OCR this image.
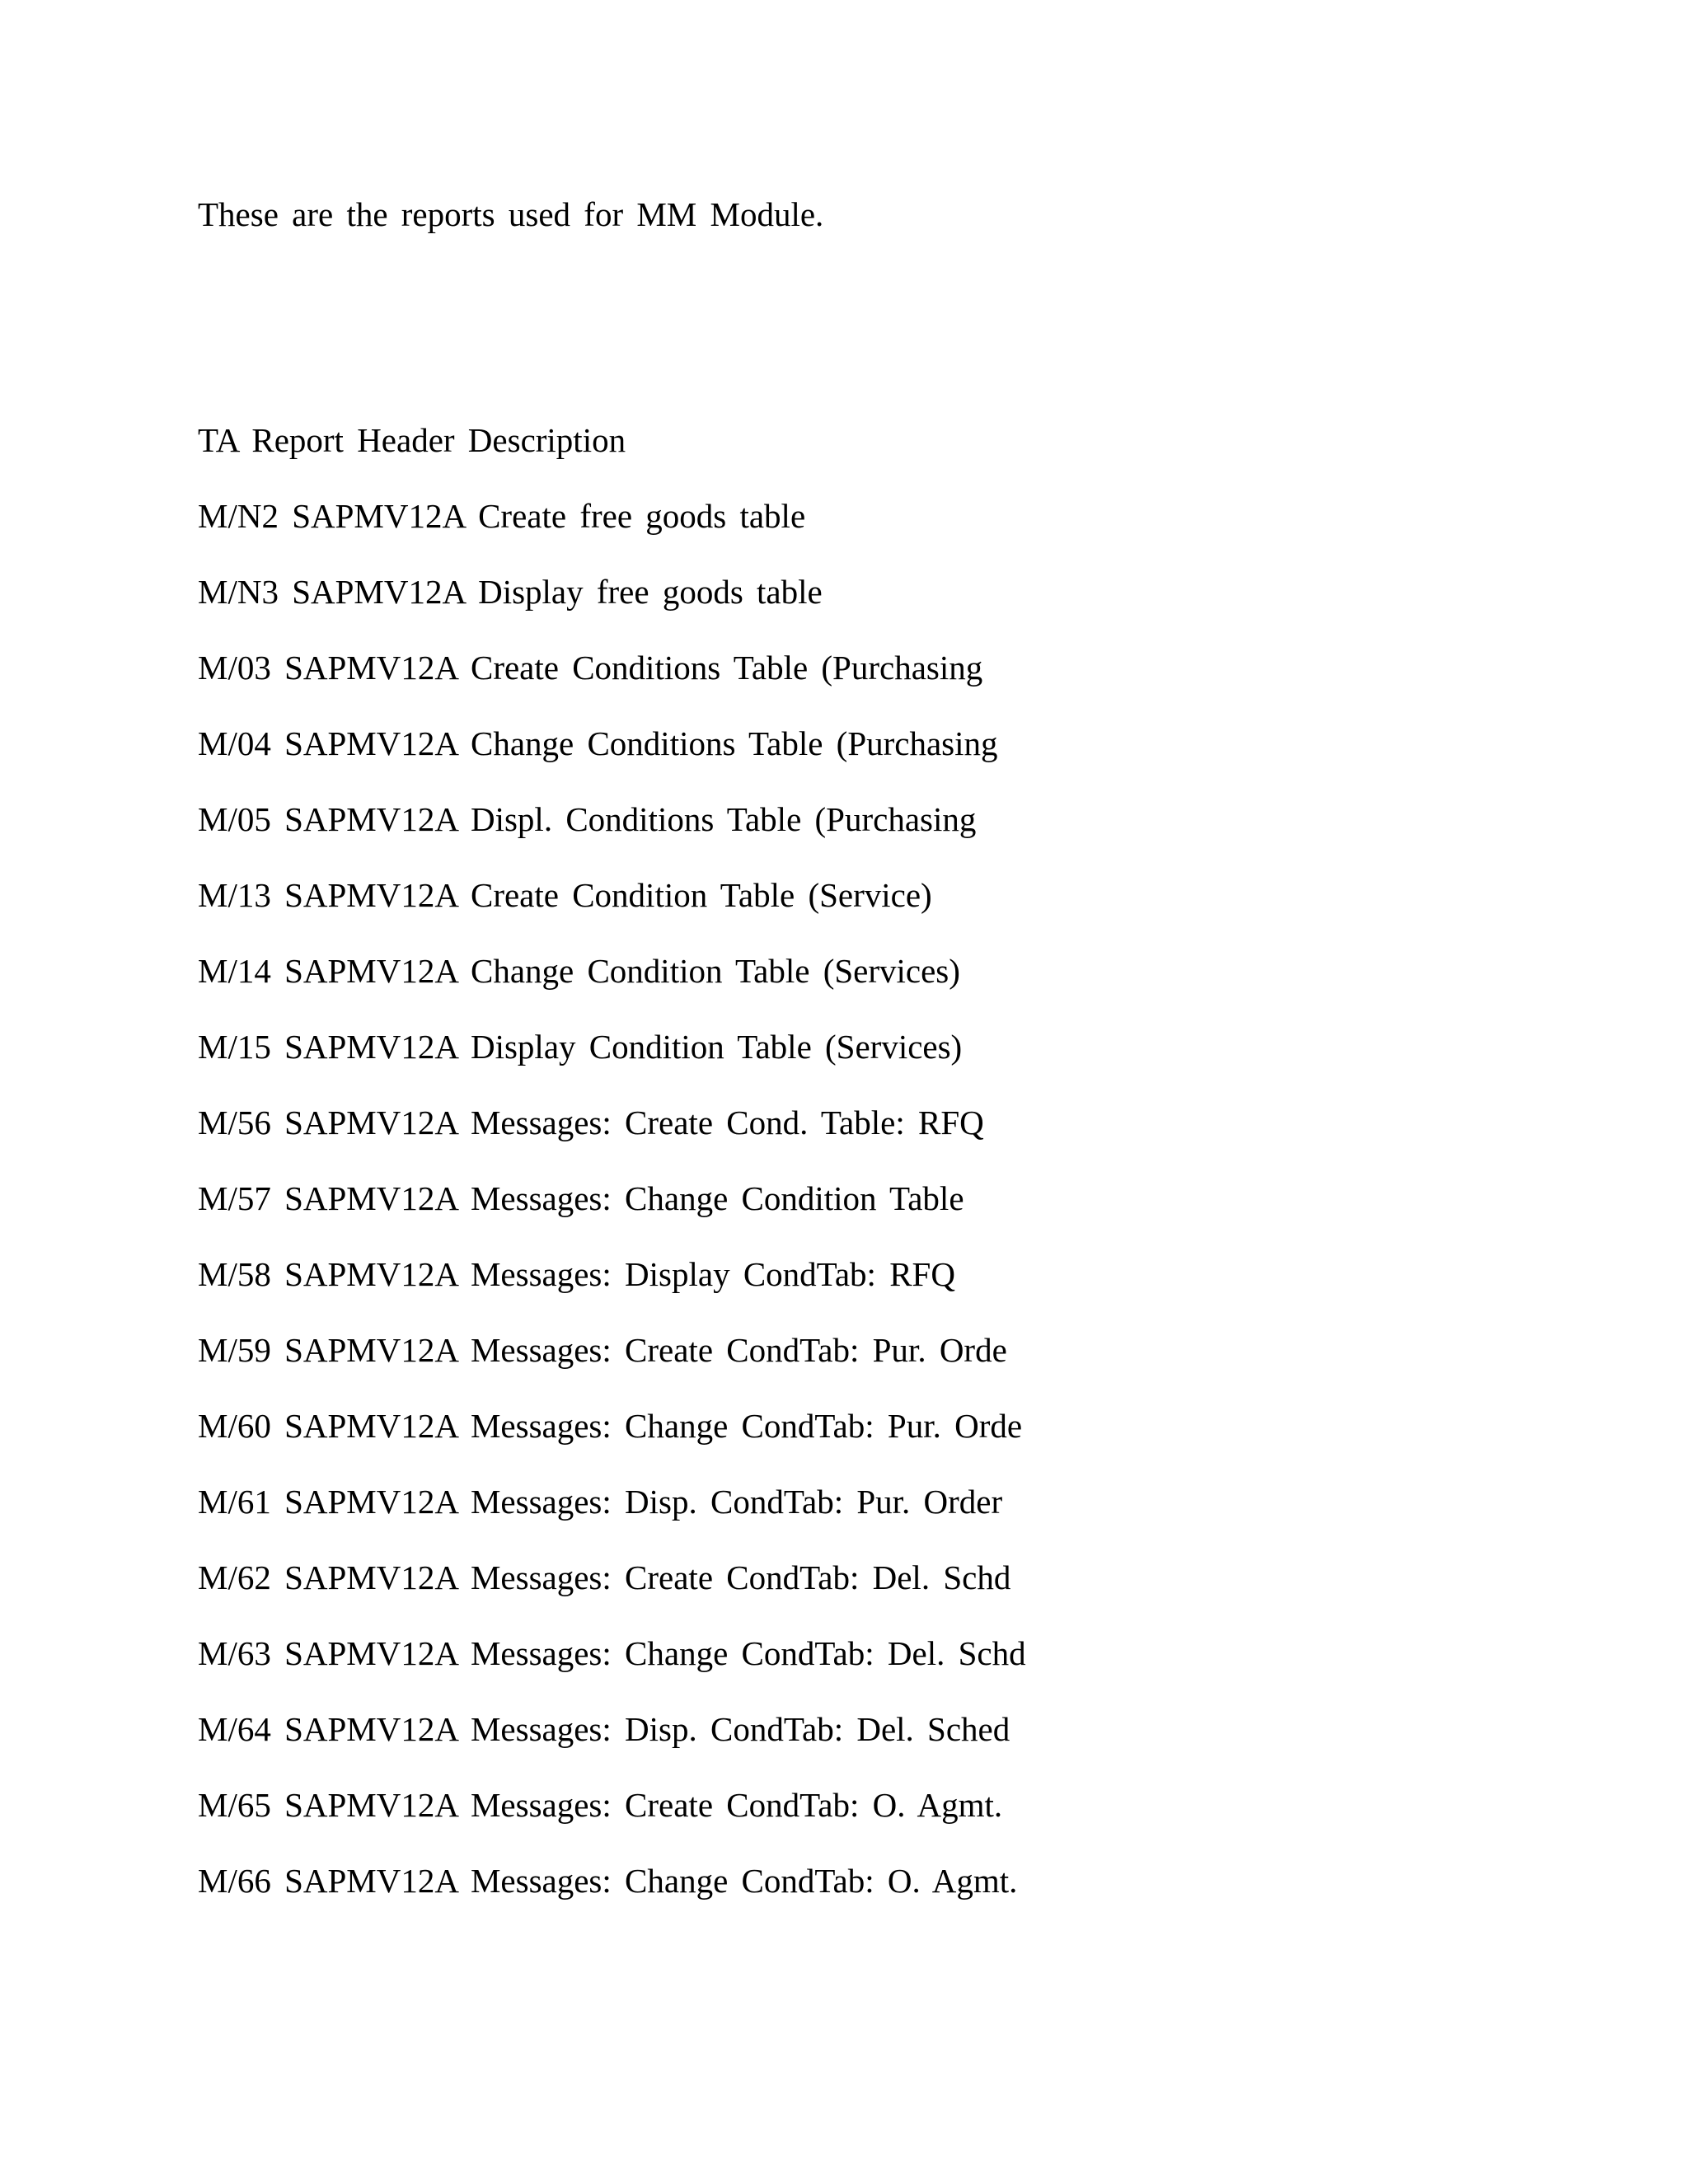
These are the reports used for MM Module.
TA Report Header Description
M/N2 SAPMV12A Create free goods table
M/N3 SAPMV12A Display free goods table
M/03 SAPMV12A Create Conditions Table (Purchasing
M/04 SAPMV12A Change Conditions Table (Purchasing
M/05 SAPMV12A Displ. Conditions Table (Purchasing
M/13 SAPMV12A Create Condition Table (Service)
M/14 SAPMV12A Change Condition Table (Services)
M/15 SAPMV12A Display Condition Table (Services)
M/56 SAPMV12A Messages: Create Cond. Table: RFQ
M/57 SAPMV12A Messages: Change Condition Table
M/58 SAPMV12A Messages: Display CondTab: RFQ
M/59 SAPMV12A Messages: Create CondTab: Pur. Orde
M/60 SAPMV12A Messages: Change CondTab: Pur. Orde
M/61 SAPMV12A Messages: Disp. CondTab: Pur. Order
M/62 SAPMV12A Messages: Create CondTab: Del. Schd
M/63 SAPMV12A Messages: Change CondTab: Del. Schd
M/64 SAPMV12A Messages: Disp. CondTab: Del. Sched
M/65 SAPMV12A Messages: Create CondTab: O. Agmt.
M/66 SAPMV12A Messages: Change CondTab: O. Agmt.
